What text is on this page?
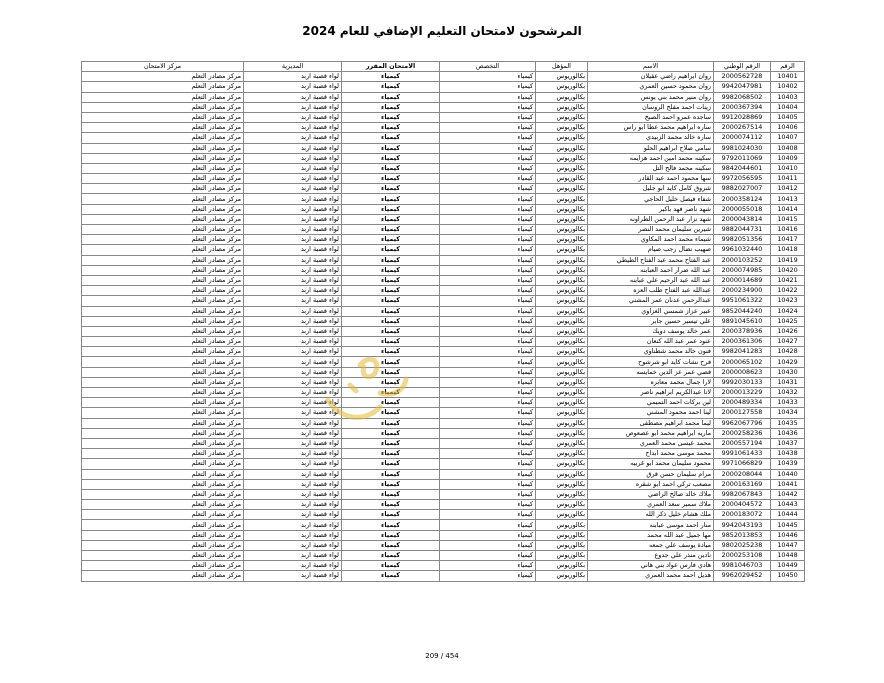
المرشحون لامتحان التعليم الإضافي للعام 2024
الرقم	الرقم الوطني	الاسم	المؤهل	التخصص	الامتحان المقرر	المديرية	مركز الامتحان
10401	2000562728	روان ابراهيم راضي عقيلان	بكالوريوس	كيمياء	كيمياء	لواء قصبة اربد	مركز مصادر التعلم
10402	9942047981	روان محمود حسين العمري	بكالوريوس	كيمياء	كيمياء	لواء قصبة اربد	مركز مصادر التعلم
10403	9982068502	روان منير محمد بني يونس	بكالوريوس	كيمياء	كيمياء	لواء قصبة اربد	مركز مصادر التعلم
10404	2000367394	زينات احمد مفلح الروسان	بكالوريوس	كيمياء	كيمياء	لواء قصبة اربد	مركز مصادر التعلم
10405	9912028869	ساجده عمرو احمد الصبح	بكالوريوس	كيمياء	كيمياء	لواء قصبة اربد	مركز مصادر التعلم
10406	2000267514	ساره ابراهيم محمد عطا ابو راس	بكالوريوس	كيمياء	كيمياء	لواء قصبة اربد	مركز مصادر التعلم
10407	2000074112	ساره خالد محمد الزبيدي	بكالوريوس	كيمياء	كيمياء	لواء قصبة اربد	مركز مصادر التعلم
10408	9981024030	سامي صلاح ابراهيم الحلو	بكالوريوس	كيمياء	كيمياء	لواء قصبة اربد	مركز مصادر التعلم
10409	9792011069	سكينه محمد امين احمد هزايمه	بكالوريوس	كيمياء	كيمياء	لواء قصبة اربد	مركز مصادر التعلم
10410	9842044601	سكينه محمد فالح التل	بكالوريوس	كيمياء	كيمياء	لواء قصبة اربد	مركز مصادر التعلم
10411	9972056595	سها محمود احمد عبد القادر	بكالوريوس	كيمياء	كيمياء	لواء قصبة اربد	مركز مصادر التعلم
10412	9882027007	شروق كامل كايد ابو جليل	بكالوريوس	كيمياء	كيمياء	لواء قصبة اربد	مركز مصادر التعلم
10413	2000358124	شفاء فيصل خليل الحاجي	بكالوريوس	كيمياء	كيمياء	لواء قصبة اربد	مركز مصادر التعلم
10414	2000055018	شهد ناصر فهد باكير	بكالوريوس	كيمياء	كيمياء	لواء قصبة اربد	مركز مصادر التعلم
10415	2000043814	شهد نزار عبد الرحمن الطراونه	بكالوريوس	كيمياء	كيمياء	لواء قصبة اربد	مركز مصادر التعلم
10416	9882044731	شيرين سليمان محمد النصر	بكالوريوس	كيمياء	كيمياء	لواء قصبة اربد	مركز مصادر التعلم
10417	9982051356	شيماء محمد احمد المكاوي	بكالوريوس	كيمياء	كيمياء	لواء قصبة اربد	مركز مصادر التعلم
10418	9961032440	صهيب نضال رجب صيام	بكالوريوس	كيمياء	كيمياء	لواء قصبة اربد	مركز مصادر التعلم
10419	2000103252	عبد الفتاح محمد عبد الفتاح الطيطي	بكالوريوس	كيمياء	كيمياء	لواء قصبة اربد	مركز مصادر التعلم
10420	2000074985	عبد الله ضرار احمد العبابنه	بكالوريوس	كيمياء	كيمياء	لواء قصبة اربد	مركز مصادر التعلم
10421	2000014689	عبد الله عبد الرحيم علي عبابنه	بكالوريوس	كيمياء	كيمياء	لواء قصبة اربد	مركز مصادر التعلم
10422	2000234900	عبدالله عبد الفتاح طلب العزه	بكالوريوس	كيمياء	كيمياء	لواء قصبة اربد	مركز مصادر التعلم
10423	9951061322	عبدالرحمن عدنان عمر المشني	بكالوريوس	كيمياء	كيمياء	لواء قصبة اربد	مركز مصادر التعلم
10424	9852044240	عبير عزاز شمسي الغزاوي	بكالوريوس	كيمياء	كيمياء	لواء قصبة اربد	مركز مصادر التعلم
10425	9891045610	علي تيسير حسين جابر	بكالوريوس	كيمياء	كيمياء	لواء قصبة اربد	مركز مصادر التعلم
10426	2000378936	عمر خالد يوسف دويك	بكالوريوس	كيمياء	كيمياء	لواء قصبة اربد	مركز مصادر التعلم
10427	2000361306	عنود عمر عبد الله كنعان	بكالوريوس	كيمياء	كيمياء	لواء قصبة اربد	مركز مصادر التعلم
10428	9982041283	فنون خالد محمد شطناوي	بكالوريوس	كيمياء	كيمياء	لواء قصبة اربد	مركز مصادر التعلم
10429	2000065102	فرح نشات كايد ابو شرشوح	بكالوريوس	كيمياء	كيمياء	لواء قصبة اربد	مركز مصادر التعلم
10430	2000008623	قصي عمر عز الدين خمايسه	بكالوريوس	كيمياء	كيمياء	لواء قصبة اربد	مركز مصادر التعلم
10431	9992030133	لارا جمال محمد معابره	بكالوريوس	كيمياء	كيمياء	لواء قصبة اربد	مركز مصادر التعلم
10432	2000013229	لانا عبدالكريم ابراهيم ناصر	بكالوريوس	كيمياء	كيمياء	لواء قصبة اربد	مركز مصادر التعلم
10433	2000489334	لين بركات احمد التميمي	بكالوريوس	كيمياء	كيمياء	لواء قصبة اربد	مركز مصادر التعلم
10434	2000127558	لينا احمد محمود المشني	بكالوريوس	كيمياء	كيمياء	لواء قصبة اربد	مركز مصادر التعلم
10435	9962067796	ليما محمد ابراهيم مصطفى	بكالوريوس	كيمياء	كيمياء	لواء قصبة اربد	مركز مصادر التعلم
10436	2000258236	ماريه ابراهيم محمد ابو عصعوص	بكالوريوس	كيمياء	كيمياء	لواء قصبة اربد	مركز مصادر التعلم
10437	2000557194	محمد عيسى محمد العمري	بكالوريوس	كيمياء	كيمياء	لواء قصبة اربد	مركز مصادر التعلم
10438	9991061433	محمد موسى محمد ابداح	بكالوريوس	كيمياء	كيمياء	لواء قصبة اربد	مركز مصادر التعلم
10439	9971066829	محمود سليمان محمد ابو غربيه	بكالوريوس	كيمياء	كيمياء	لواء قصبة اربد	مركز مصادر التعلم
10440	2000208044	مرام سليمان حسن قرق	بكالوريوس	كيمياء	كيمياء	لواء قصبة اربد	مركز مصادر التعلم
10441	2000163169	مصعب تركي احمد ابو شقره	بكالوريوس	كيمياء	كيمياء	لواء قصبة اربد	مركز مصادر التعلم
10442	9982067843	ملاك خالد صالح الراضي	بكالوريوس	كيمياء	كيمياء	لواء قصبة اربد	مركز مصادر التعلم
10443	2000404572	ملاك سمير سعد العمري	بكالوريوس	كيمياء	كيمياء	لواء قصبة اربد	مركز مصادر التعلم
10444	2000183072	ملك هشام خليل ذكر الله	بكالوريوس	كيمياء	كيمياء	لواء قصبة اربد	مركز مصادر التعلم
10445	9942043193	منار احمد موسى عبابنه	بكالوريوس	كيمياء	كيمياء	لواء قصبة اربد	مركز مصادر التعلم
10446	9852013853	مها جميل عبد الله محمد	بكالوريوس	كيمياء	كيمياء	لواء قصبة اربد	مركز مصادر التعلم
10447	9802025238	ميادة يوسف علي جمعه	بكالوريوس	كيمياء	كيمياء	لواء قصبة اربد	مركز مصادر التعلم
10448	2000253108	نادين منذر علي جدوع	بكالوريوس	كيمياء	كيمياء	لواء قصبة اربد	مركز مصادر التعلم
10449	9981046703	هادي فارس عواد بني هاني	بكالوريوس	كيمياء	كيمياء	لواء قصبة اربد	مركز مصادر التعلم
10450	9962029452	هديل احمد محمد العمري	بكالوريوس	كيمياء	كيمياء	لواء قصبة اربد	مركز مصادر التعلم
209 / 454
